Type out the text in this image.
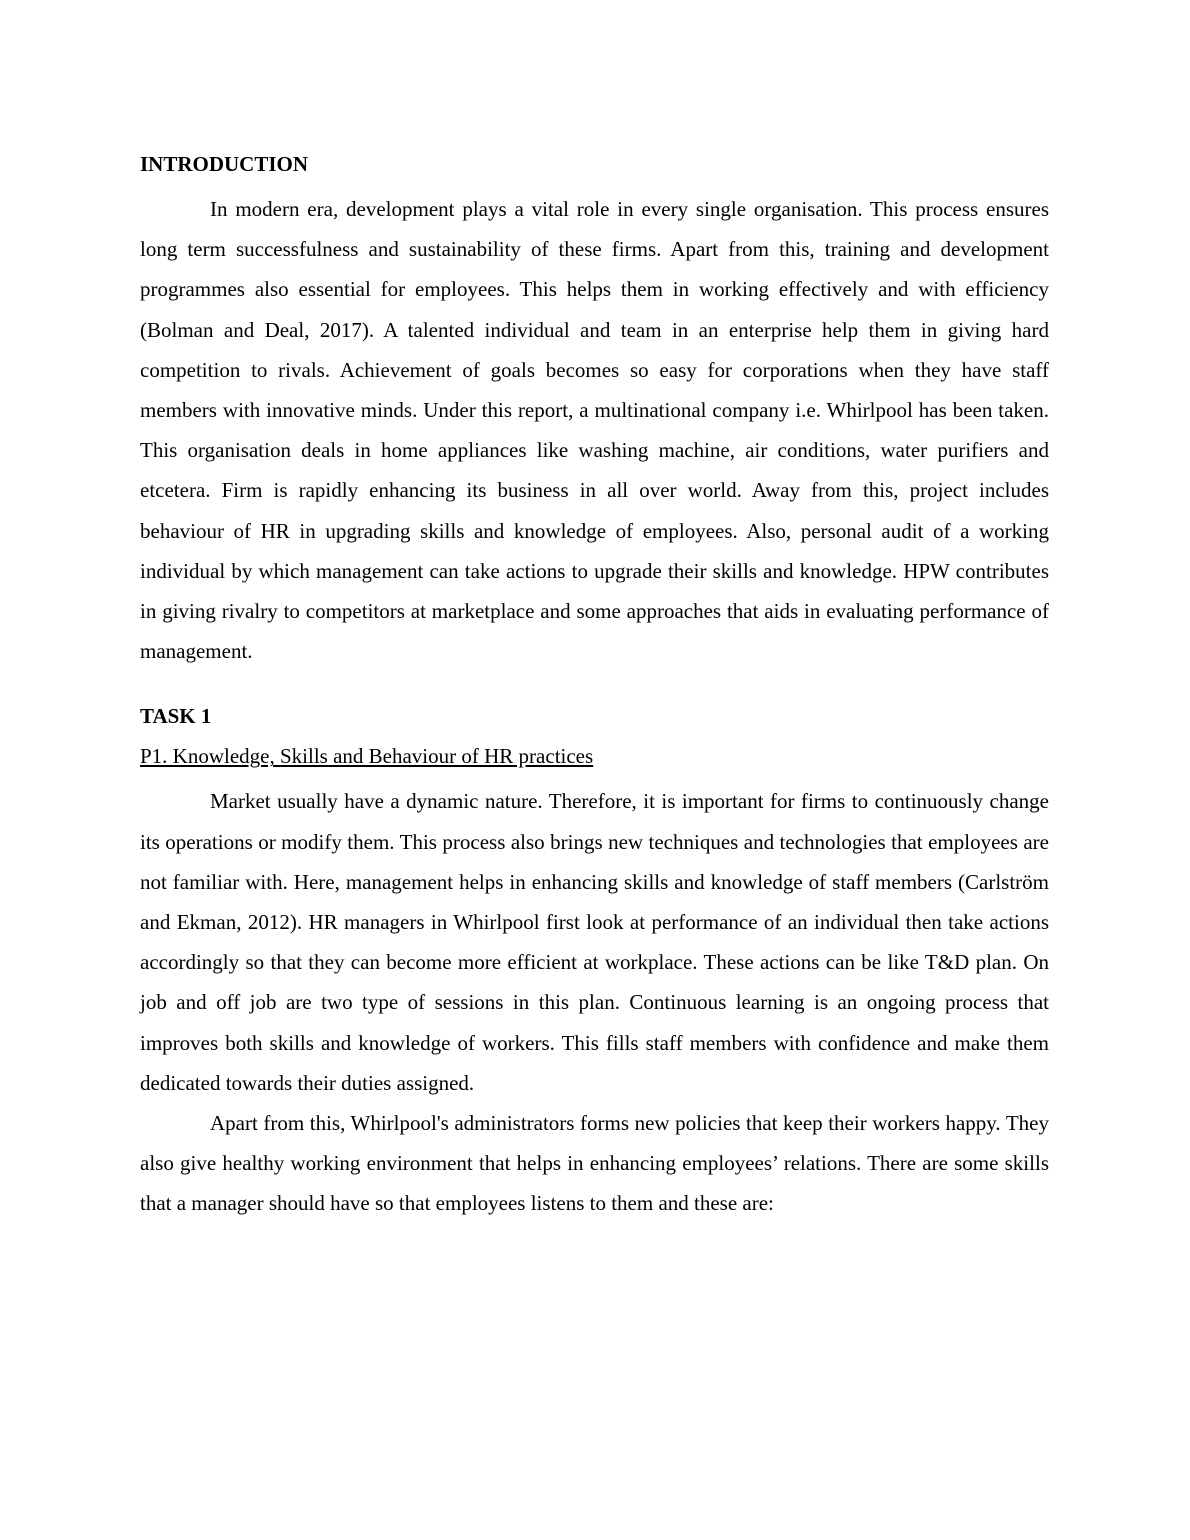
INTRODUCTION

In modern era, development plays a vital role in every single organisation. This process ensures long term successfulness and sustainability of these firms. Apart from this, training and development programmes also essential for employees. This helps them in working effectively and with efficiency (Bolman and Deal, 2017). A talented individual and team in an enterprise help them in giving hard competition to rivals. Achievement of goals becomes so easy for corporations when they have staff members with innovative minds. Under this report, a multinational company i.e. Whirlpool has been taken. This organisation deals in home appliances like washing machine, air conditions, water purifiers and etcetera. Firm is rapidly enhancing its business in all over world. Away from this, project includes behaviour of HR in upgrading skills and knowledge of employees. Also, personal audit of a working individual by which management can take actions to upgrade their skills and knowledge. HPW contributes in giving rivalry to competitors at marketplace and some approaches that aids in evaluating performance of management.

TASK 1
P1. Knowledge, Skills and Behaviour of HR practices

Market usually have a dynamic nature. Therefore, it is important for firms to continuously change its operations or modify them. This process also brings new techniques and technologies that employees are not familiar with. Here, management helps in enhancing skills and knowledge of staff members (Carlström and Ekman, 2012). HR managers in Whirlpool first look at performance of an individual then take actions accordingly so that they can become more efficient at workplace. These actions can be like T&D plan. On job and off job are two type of sessions in this plan. Continuous learning is an ongoing process that improves both skills and knowledge of workers. This fills staff members with confidence and make them dedicated towards their duties assigned.

Apart from this, Whirlpool's administrators forms new policies that keep their workers happy. They also give healthy working environment that helps in enhancing employees’ relations. There are some skills that a manager should have so that employees listens to them and these are:
